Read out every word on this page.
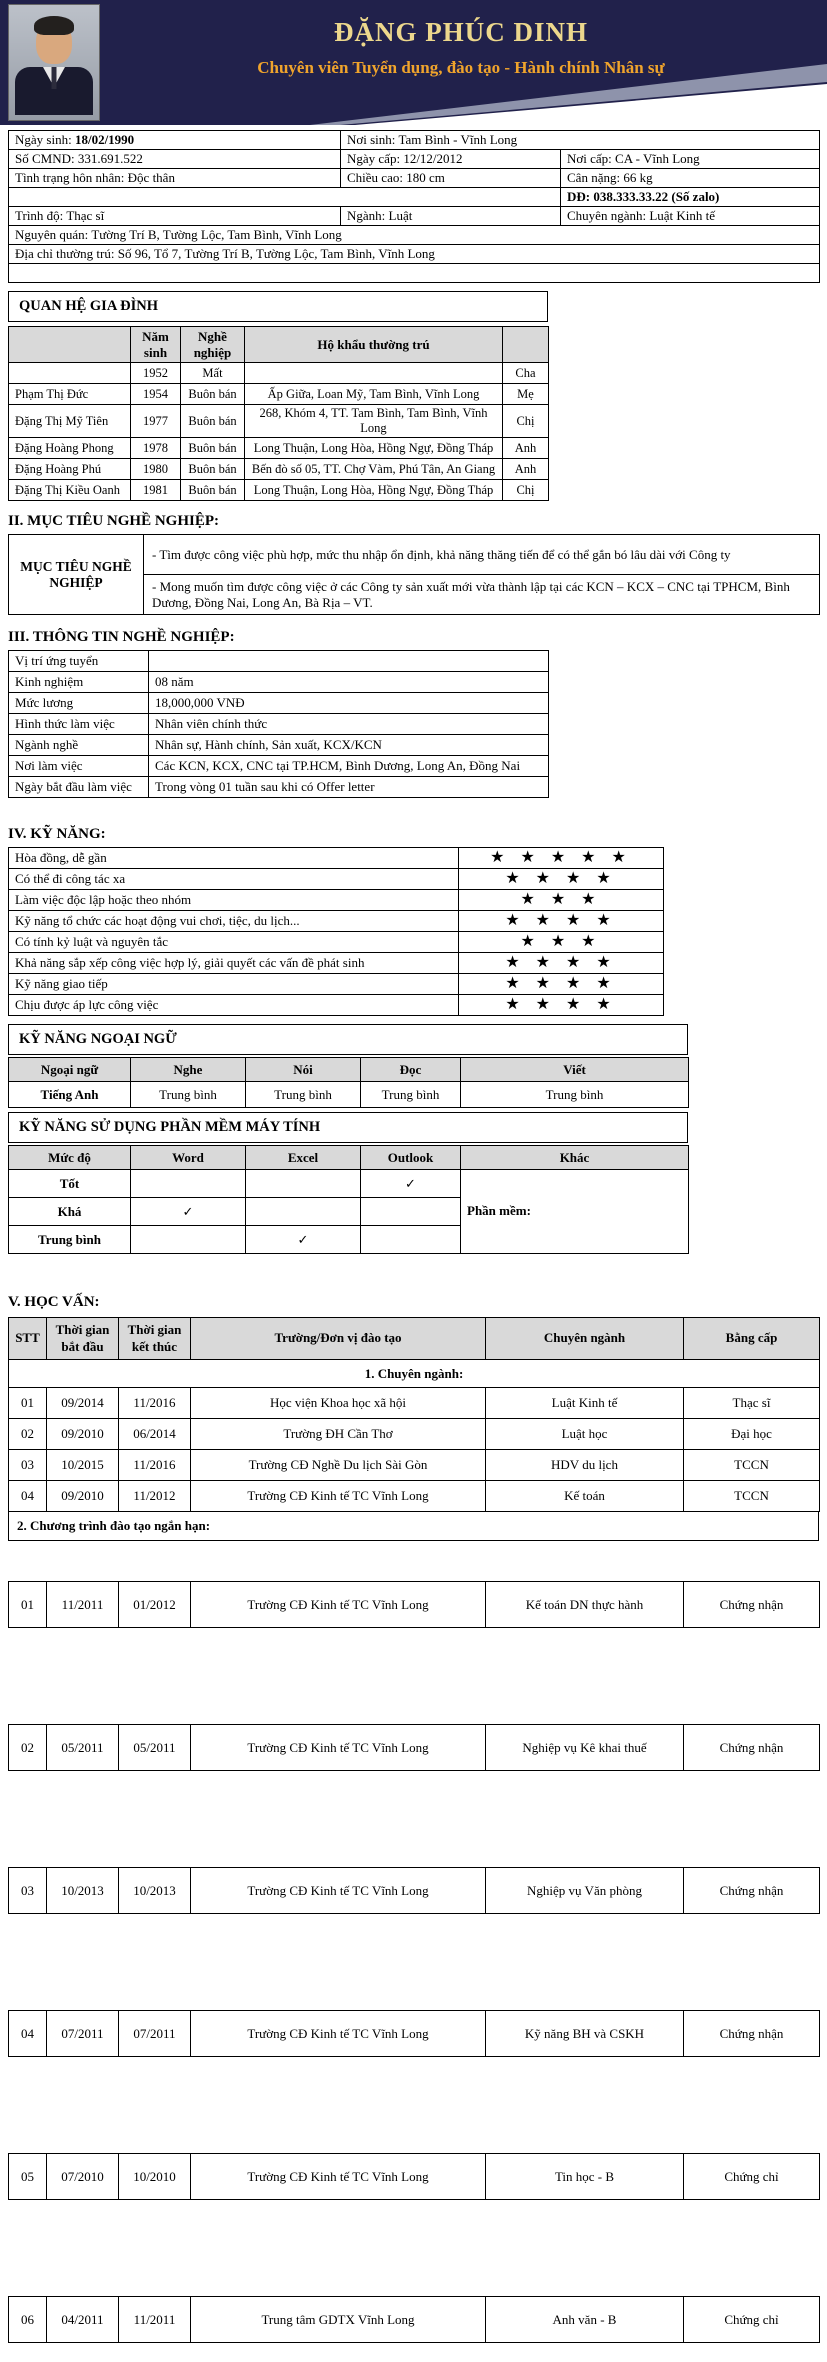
ĐẶNG PHÚC DINH
Chuyên viên Tuyển dụng, đào tạo - Hành chính Nhân sự
Ngày sinh: 18/02/1990	Nơi sinh: Tam Bình - Vĩnh Long	
Số CMND: 331.691.522	Ngày cấp: 12/12/2012	Nơi cấp: CA - Vĩnh Long
Tình trạng hôn nhân: Độc thân	Chiều cao: 180 cm	Cân nặng: 66 kg
		DĐ: 038.333.33.22 (Số zalo)
Trình độ: Thạc sĩ	Ngành: Luật	Chuyên ngành: Luật Kinh tế
Nguyên quán: Tường Trí B, Tường Lộc, Tam Bình, Vĩnh Long		
Địa chỉ thường trú: Số 96, Tổ 7, Tường Trí B, Tường Lộc, Tam Bình, Vĩnh Long		

QUAN HỆ GIA ĐÌNH
	Năm sinh	Nghề nghiệp	Hộ khẩu thường trú	
	1952	Mất		Cha
Phạm Thị Đức	1954	Buôn bán	Ấp Giữa, Loan Mỹ, Tam Bình, Vĩnh Long	Mẹ
Đặng Thị Mỹ Tiên	1977	Buôn bán	268, Khóm 4, TT. Tam Bình, Tam Bình, Vĩnh Long	Chị
Đặng Hoàng Phong	1978	Buôn bán	Long Thuận, Long Hòa, Hồng Ngự, Đồng Tháp	Anh
Đặng Hoàng Phú	1980	Buôn bán	Bến đò số 05, TT. Chợ Vàm, Phú Tân, An Giang	Anh
Đặng Thị Kiều Oanh	1981	Buôn bán	Long Thuận, Long Hòa, Hồng Ngự, Đồng Tháp	Chị
II. MỤC TIÊU NGHỀ NGHIỆP:
MỤC TIÊU NGHỀ NGHIỆP	- Tìm được công việc phù hợp, mức thu nhập ổn định, khả năng thăng tiến để có thể gắn bó lâu dài với Công ty
- Mong muốn tìm được công việc ở các Công ty sản xuất mới vừa thành lập tại các KCN – KCX – CNC tại TPHCM, Bình Dương, Đồng Nai, Long An, Bà Rịa – VT.
III. THÔNG TIN NGHỀ NGHIỆP:
Vị trí ứng tuyển	
Kinh nghiệm	08 năm
Mức lương	18,000,000 VNĐ
Hình thức làm việc	Nhân viên chính thức
Ngành nghề	Nhân sự, Hành chính, Sản xuất, KCX/KCN
Nơi làm việc	Các KCN, KCX, CNC tại TP.HCM, Bình Dương, Long An, Đồng Nai
Ngày bắt đầu làm việc	Trong vòng 01 tuần sau khi có Offer letter
IV. KỸ NĂNG:
Hòa đồng, dễ gần	★ ★ ★ ★ ★
Có thể đi công tác xa	★ ★ ★ ★
Làm việc độc lập hoặc theo nhóm	★ ★ ★
Kỹ năng tổ chức các hoạt động vui chơi, tiệc, du lịch...	★ ★ ★ ★
Có tính kỷ luật và nguyên tắc	★ ★ ★
Khả năng sắp xếp công việc hợp lý, giải quyết các vấn đề phát sinh	★ ★ ★ ★
Kỹ năng giao tiếp	★ ★ ★ ★
Chịu được áp lực công việc	★ ★ ★ ★
KỸ NĂNG NGOẠI NGỮ
Ngoại ngữ	Nghe	Nói	Đọc	Viết
Tiếng Anh	Trung bình	Trung bình	Trung bình	Trung bình
KỸ NĂNG SỬ DỤNG PHẦN MỀM MÁY TÍNH
Mức độ	Word	Excel	Outlook	Khác
Tốt			✓	Phần mềm:

Khá	✓			
Trung bình		✓		
V. HỌC VẤN:
1. Chuyên ngành:					
STT	Thời gian bắt đầu	Thời gian kết thúc	Trường/Đơn vị đào tạo	Chuyên ngành	Bằng cấp
01	09/2014	11/2016	Học viện Khoa học xã hội	Luật Kinh tế	Thạc sĩ
02	09/2010	06/2014	Trường ĐH Cần Thơ	Luật học	Đại học
03	10/2015	11/2016	Trường CĐ Nghề Du lịch Sài Gòn	HDV du lịch	TCCN
04	09/2010	11/2012	Trường CĐ Kinh tế TC Vĩnh Long	Kế toán	TCCN
2. Chương trình đào tạo ngắn hạn:
01	11/2011	01/2012	Trường CĐ Kinh tế TC Vĩnh Long	Kế toán DN thực hành	Chứng nhận
02	05/2011	05/2011	Trường CĐ Kinh tế TC Vĩnh Long	Nghiệp vụ Kê khai thuế	Chứng nhận
03	10/2013	10/2013	Trường CĐ Kinh tế TC Vĩnh Long	Nghiệp vụ Văn phòng	Chứng nhận
04	07/2011	07/2011	Trường CĐ Kinh tế TC Vĩnh Long	Kỹ năng BH và CSKH	Chứng nhận
05	07/2010	10/2010	Trường CĐ Kinh tế TC Vĩnh Long	Tin học - B	Chứng chỉ
06	04/2011	11/2011	Trung tâm GDTX Vĩnh Long	Anh văn - B	Chứng chỉ
